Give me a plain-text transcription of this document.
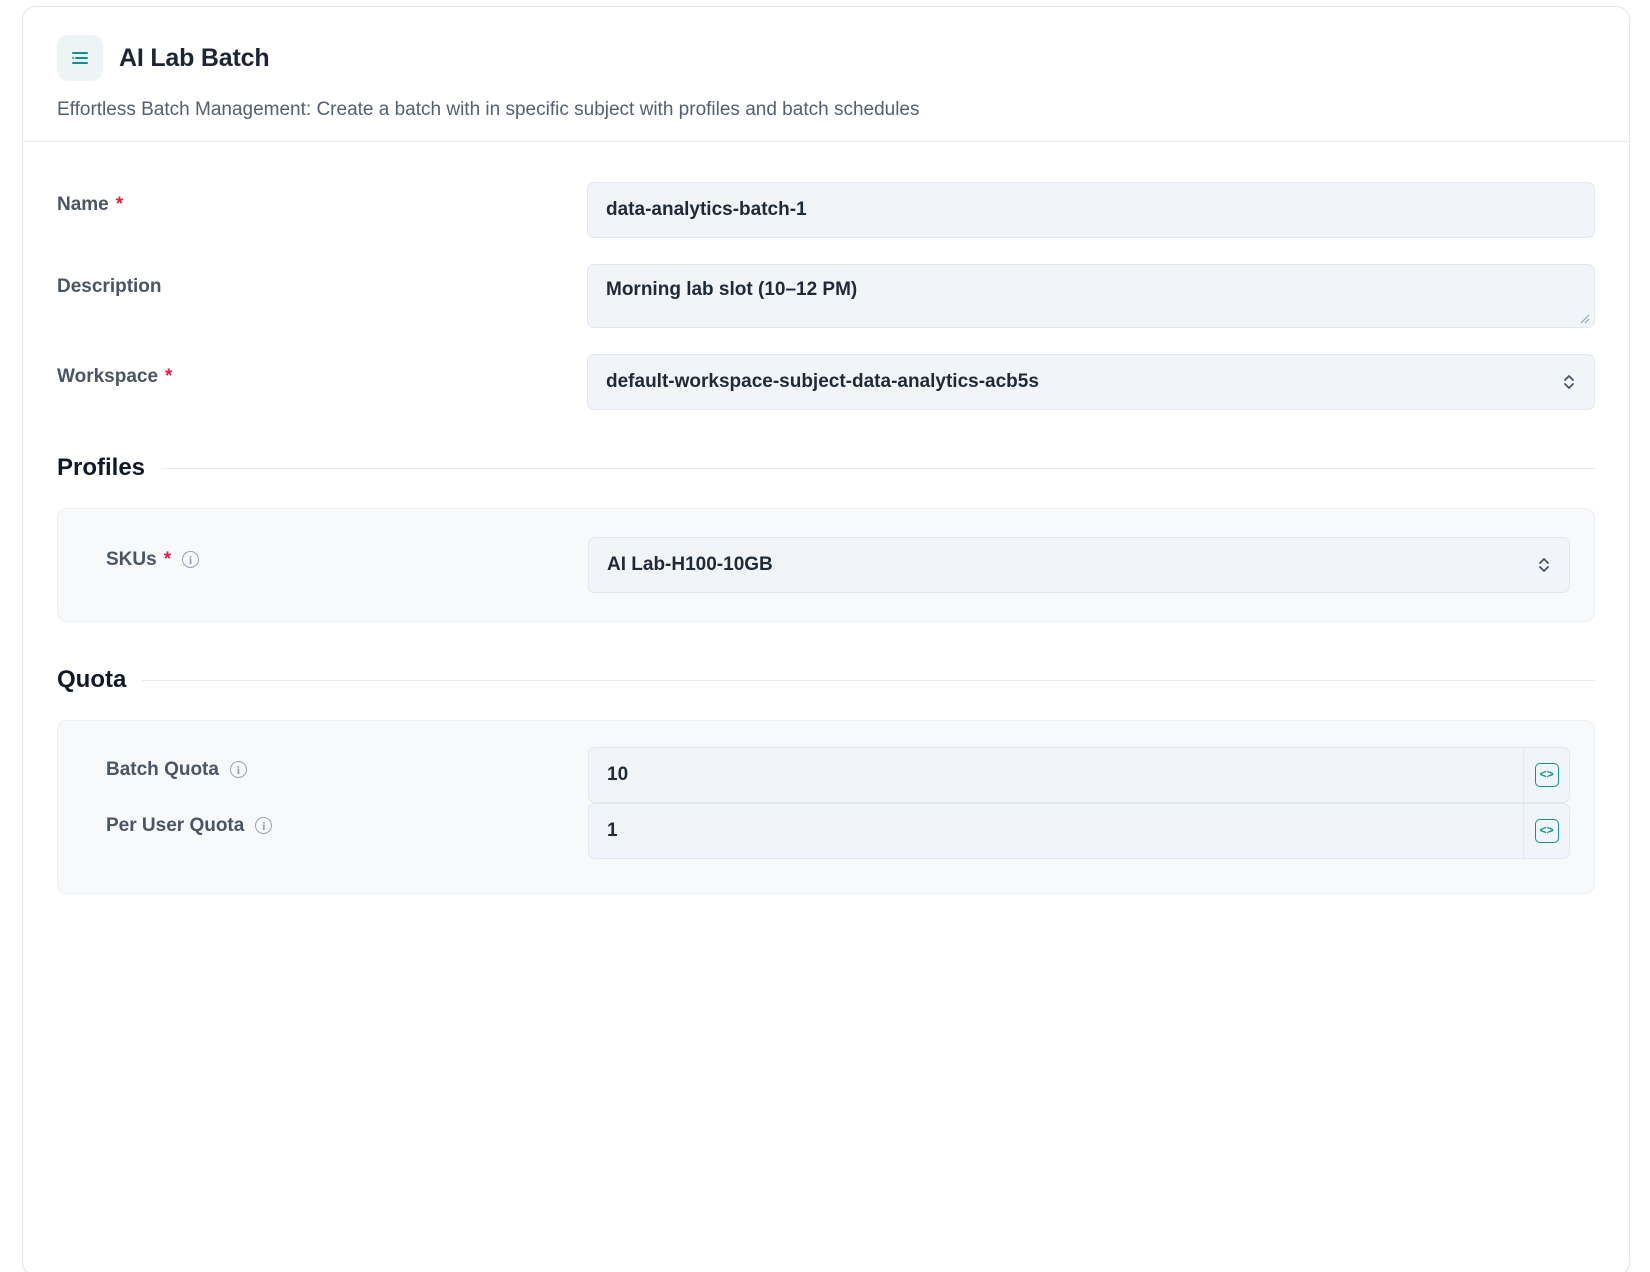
AI Lab Batch
Effortless Batch Management: Create a batch with in specific subject with profiles and batch schedules
Name *	data-analytics-batch-1
Description	Morning lab slot (10–12 PM)
Workspace *	default-workspace-subject-data-analytics-acb5s
Profiles
SKUs *	i	AI Lab-H100-10GB
Quota
Batch Quota	i	10	<>
Per User Quota	i	1	<>
